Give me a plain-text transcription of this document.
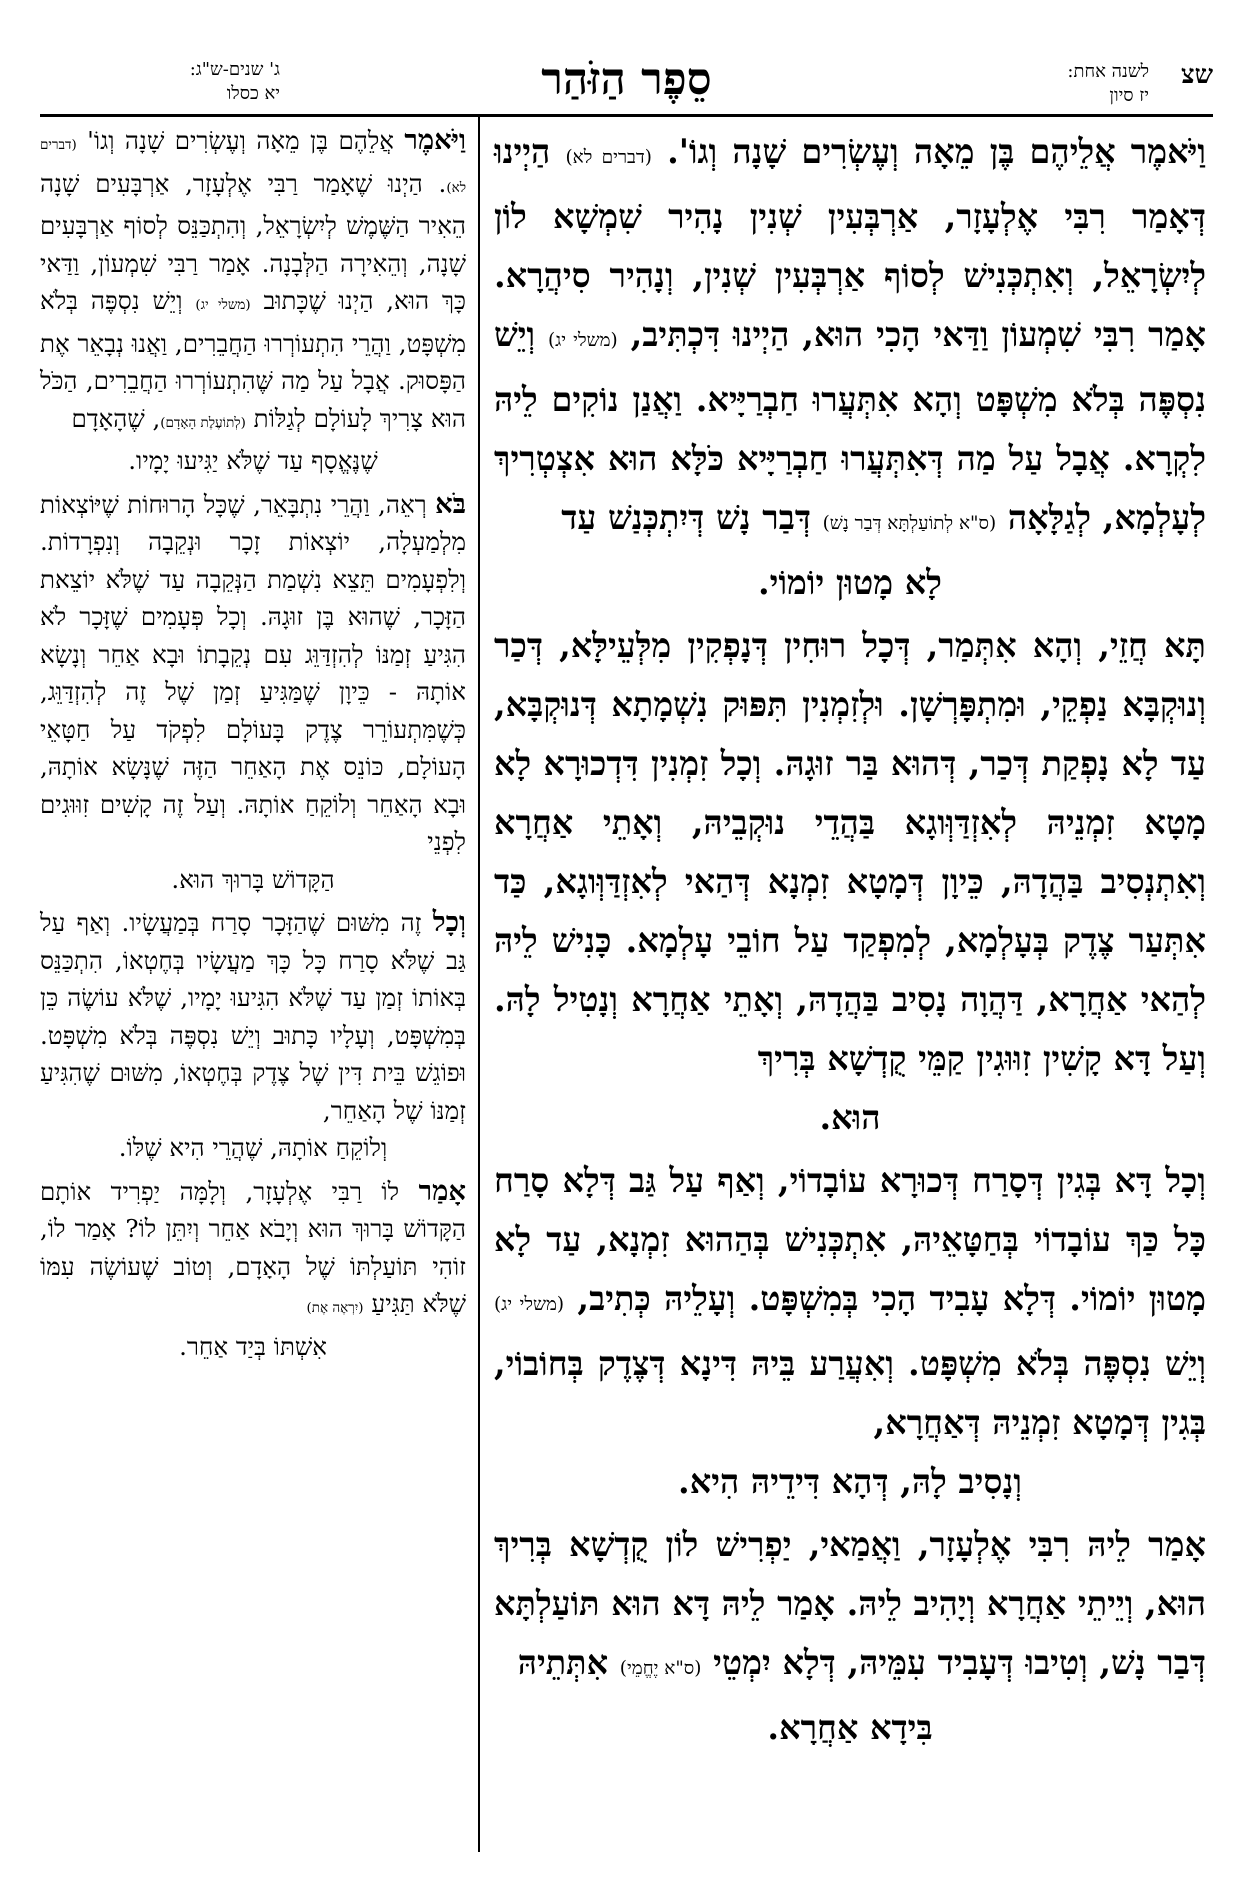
ג' שנים-ש"ג:
יא כסלו	סֵפֶר הַזֹּהַר	שצ
לשנה אחת:
יז סיון

וַיֹּאמֶר אֲלֵיהֶם בֶּן מֵאָה וְעֶשְׂרִים שָׁנָה וְגוֹ'. (דברים לא) הַיְינוּ דְּאָמַר רִבִּי אֶלְעָזָר, אַרְבְּעִין שְׁנִין נָהִיר שִׁמְשָׁא לוֹן לְיִשְׂרָאֵל, וְאִתְכְּנִישׁ לְסוֹף אַרְבְּעִין שְׁנִין, וְנָהִיר סִיהֲרָא. אָמַר רִבִּי שִׁמְעוֹן וַדַּאי הָכִי הוּא, הַיְינוּ דִּכְתִּיב, (משלי יג) וְיֵשׁ נִסְפֶּה בְּלֹא מִשְׁפָּט וְהָא אִתְּעֲרוּ חַבְרַיָּיא. וַאֲנַן נוֹקִים לֵיהּ לִקְרָא. אֲבָל עַל מַה דְּאִתְּעֲרוּ חַבְרַיָּיא כֹּלָּא הוּא אִצְטְרִיךְ לְעָלְמָא, לְגַלָּאָה (ס"א לְתוֹעַלְתָּא דְּבַר נָשׁ) דְּבַר נָשׁ דְּיִתְכְּנַשׁ עַד
לָא מָטוּן יוֹמוֹי.

תָּא חֲזֵי, וְהָא אִתְּמַר, דְּכָל רוּחִין דְּנָפְקִין מִלְּעֵילָּא, דְּכַר וְנוּקְבָּא נַפְקֵי, וּמִתְפָּרְשָׁן. וּלְזִמְנִין תִּפּוּק נִשְׁמָתָא דְּנוּקְבָּא, עַד לָא נָפְקַת דְּכַר, דְּהוּא בַּר זוּגָהּ. וְכָל זִמְנִין דִּדְכוּרָא לָא מָטָא זִמְנֵיהּ לְאִזְדַּוְּוגָא בַּהֲדֵי נוּקְבֵיהּ, וְאָתֵי אַחֲרָא וְאִתְנְסִיב בַּהֲדָהּ, כֵּיוָן דְּמָטָא זִמְנָא דְּהַאי לְאִזְדַּוְּוגָא, כַּד אִתְּעַר צֶדֶק בְּעָלְמָא, לְמִפְקַד עַל חוֹבֵי עָלְמָא. כָּנִישׁ לֵיהּ לְהַאי אַחֲרָא, דַּהֲוָה נָסִיב בַּהֲדָהּ, וְאָתֵי אַחֲרָא וְנָטִיל לָהּ. וְעַל דָּא קָשִׁין זִוּוּגִין קַמֵּי קֻדְשָׁא בְּרִיךְ
הוּא.

וְכָל דָּא בְּגִין דְּסָרַח דְּכוּרָא עוֹבָדוֹי, וְאַף עַל גַּב דְּלָא סָרַח כָּל כַּךְ עוֹבָדוֹי בְּחַטָּאֵיהּ, אִתְכְּנִישׁ בְּהַהוּא זִמְנָא, עַד לָא מָטוּן יוֹמוֹי. דְּלָא עָבִיד הָכִי בְּמִשְׁפָּט. וְעָלֵיהּ כְּתִיב, (משלי יג) וְיֵשׁ נִסְפֶּה בְּלֹא מִשְׁפָּט. וְאִעֲרַע בֵּיהּ דִּינָא דְּצֶדֶק בְּחוֹבוֹי, בְּגִין דְּמָטָא זִמְנֵיהּ דְּאַחֲרָא,
וְנָסִיב לָהּ, דְּהָא דִּידֵיהּ הִיא.

אָמַר לֵיהּ רִבִּי אֶלְעָזָר, וַאֲמַאי, יַפְרִישׁ לוֹן קֻדְשָׁא בְּרִיךְ הוּא, וְיֵיתֵי אַחֲרָא וְיָהִיב לֵיהּ. אָמַר לֵיהּ דָּא הוּא תּוֹעַלְתָּא דְּבַר נָשׁ, וְטִיבוּ דְּעָבִיד עִמֵּיהּ, דְּלָא יִמְטֵי (ס"א יֶחֱמֵי) אִתְּתֵיהּ
בִּידָא אַחֲרָא.

וַיֹּאמֶר אֲלֵהֶם בֶּן מֵאָה וְעֶשְׂרִים שָׁנָה וְגוֹ' (דברים לא). הַיְנוּ שֶׁאָמַר רַבִּי אֶלְעָזָר, אַרְבָּעִים שָׁנָה הֵאִיר הַשֶּׁמֶשׁ לְיִשְׂרָאֵל, וְהִתְכַּנֵּס לְסוֹף אַרְבָּעִים שָׁנָה, וְהֵאִירָה הַלְּבָנָה. אָמַר רַבִּי שִׁמְעוֹן, וַדַּאי כָּךְ הוּא, הַיְנוּ שֶׁכָּתוּב (משלי יג) וְיֵשׁ נִסְפֶּה בְּלֹא מִשְׁפָּט, וַהֲרֵי הִתְעוֹרְרוּ הַחֲבֵרִים, וַאֲנוּ נְבָאֵר אֶת הַפָּסוּק. אֲבָל עַל מַה שֶּׁהִתְעוֹרְרוּ הַחֲבֵרִים, הַכֹּל הוּא צָרִיךְ לָעוֹלָם לְגַלּוֹת (לְתוֹעֶלֶת הָאָדָם), שֶׁהָאָדָם
שֶׁנֶּאֱסָף עַד שֶׁלֹּא יַגִּיעוּ יָמָיו.

בֹּא רְאֵה, וַהֲרֵי נִתְבָּאֵר, שֶׁכָּל הָרוּחוֹת שֶׁיּוֹצְאוֹת מִלְמַעְלָה, יוֹצְאוֹת זָכָר וּנְקֵבָה וְנִפְרָדוֹת. וְלִפְעָמִים תֵּצֵא נִשְׁמַת הַנְּקֵבָה עַד שֶׁלֹּא יוֹצֵאת הַזָּכָר, שֶׁהוּא בֶּן זוּגָהּ. וְכָל פְּעָמִים שֶׁזָּכָר לֹא הִגִּיעַ זְמַנּוֹ לְהִזְדַּוֵּג עִם נְקֵבָתוֹ וּבָא אַחֵר וְנָשָׂא אוֹתָהּ - כֵּיוָן שֶׁמַּגִּיעַ זְמַן שֶׁל זֶה לְהִזְדַּוֵּג, כְּשֶׁמִּתְעוֹרֵר צֶדֶק בָּעוֹלָם לִפְקֹד עַל חַטָּאֵי הָעוֹלָם, כּוֹנֵס אֶת הָאַחֵר הַזֶּה שֶׁנָּשָׂא אוֹתָהּ, וּבָא הָאַחֵר וְלוֹקֵחַ אוֹתָהּ. וְעַל זֶה קָשִׁים זִוּוּגִים לִפְנֵי
הַקָּדוֹשׁ בָּרוּךְ הוּא.

וְכָל זֶה מִשּׁוּם שֶׁהַזָּכָר סָרַח בְּמַעֲשָׂיו. וְאַף עַל גַּב שֶׁלֹּא סָרַח כָּל כָּךְ מַעֲשָׂיו בְּחֶטְאוֹ, הִתְכַּנֵּס בְּאוֹתוֹ זְמַן עַד שֶׁלֹּא הִגִּיעוּ יָמָיו, שֶׁלֹּא עוֹשֶׂה כֵּן בְּמִשְׁפָּט, וְעָלָיו כָּתוּב וְיֵשׁ נִסְפֶּה בְּלֹא מִשְׁפָּט. וּפוֹגֵשׁ בֵּית דִּין שֶׁל צֶדֶק בְּחֶטְאוֹ, מִשּׁוּם שֶׁהִגִּיעַ זְמַנּוֹ שֶׁל הָאַחֵר,
וְלוֹקֵחַ אוֹתָהּ, שֶׁהֲרֵי הִיא שֶׁלּוֹ.

אָמַר לוֹ רַבִּי אֶלְעָזָר, וְלָמָּה יַפְרִיד אוֹתָם הַקָּדוֹשׁ בָּרוּךְ הוּא וְיָבֹא אַחֵר וְיִתֵּן לוֹ? אָמַר לוֹ, זוֹהִי תּוֹעַלְתּוֹ שֶׁל הָאָדָם, וְטוֹב שֶׁעוֹשֶׂה עִמּוֹ שֶׁלֹּא תַּגִּיעַ (יִרְאֶה אֶת)
אִשְׁתּוֹ בְּיַד אַחֵר.
